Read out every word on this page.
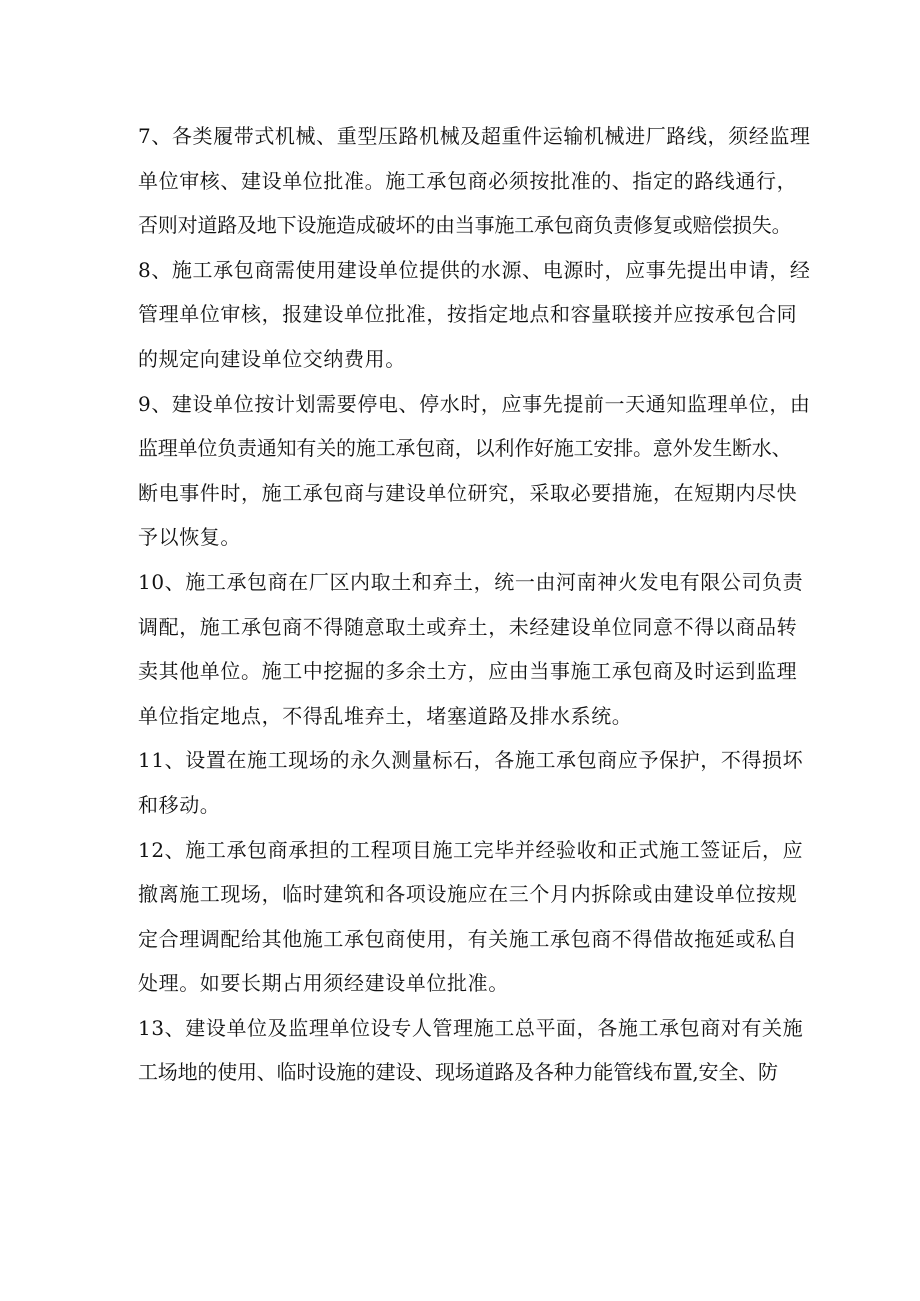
7、各类履带式机械、重型压路机械及超重件运输机械进厂路线，须经监理
单位审核、建设单位批准。施工承包商必须按批准的、指定的路线通行，
否则对道路及地下设施造成破坏的由当事施工承包商负责修复或赔偿损失。
8、施工承包商需使用建设单位提供的水源、电源时，应事先提出申请，经
管理单位审核，报建设单位批准，按指定地点和容量联接并应按承包合同
的规定向建设单位交纳费用。
9、建设单位按计划需要停电、停水时，应事先提前一天通知监理单位，由
监理单位负责通知有关的施工承包商，以利作好施工安排。意外发生断水、
断电事件时，施工承包商与建设单位研究，采取必要措施，在短期内尽快
予以恢复。
10、施工承包商在厂区内取土和弃土，统一由河南神火发电有限公司负责
调配，施工承包商不得随意取土或弃土，未经建设单位同意不得以商品转
卖其他单位。施工中挖掘的多余土方，应由当事施工承包商及时运到监理
单位指定地点，不得乱堆弃土，堵塞道路及排水系统。
11、设置在施工现场的永久测量标石，各施工承包商应予保护，不得损坏
和移动。
12、施工承包商承担的工程项目施工完毕并经验收和正式施工签证后，应
撤离施工现场，临时建筑和各项设施应在三个月内拆除或由建设单位按规
定合理调配给其他施工承包商使用，有关施工承包商不得借故拖延或私自
处理。如要长期占用须经建设单位批准。
13、建设单位及监理单位设专人管理施工总平面，各施工承包商对有关施
工场地的使用、临时设施的建设、现场道路及各种力能管线布置,安全、防
